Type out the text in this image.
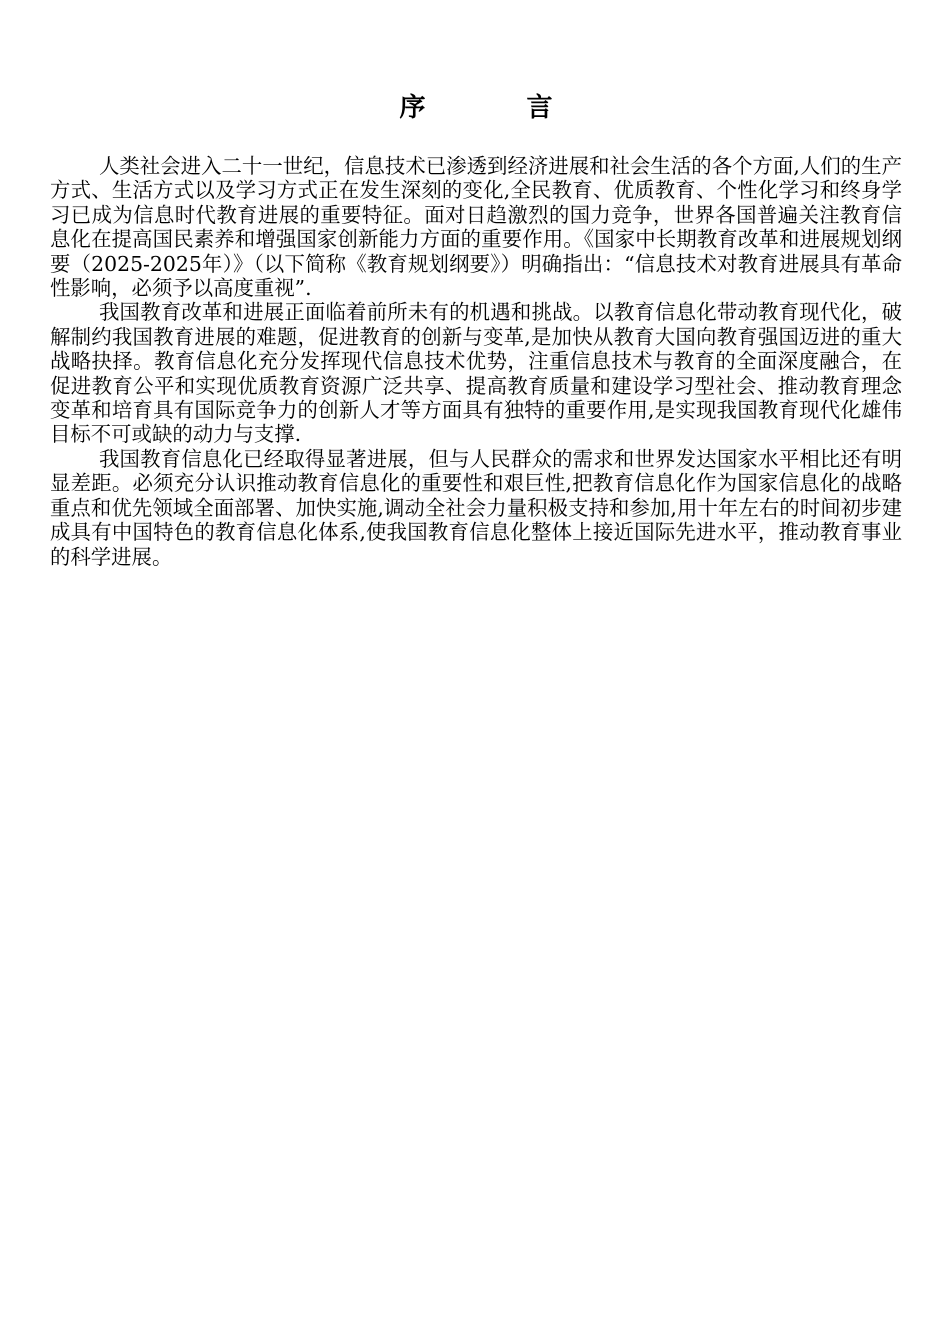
序 言

人类社会进入二十一世纪，信息技术已渗透到经济进展和社会生活的各个方面,人们的生产方式、生活方式以及学习方式正在发生深刻的变化,全民教育、优质教育、个性化学习和终身学习已成为信息时代教育进展的重要特征。面对日趋激烈的国力竞争，世界各国普遍关注教育信息化在提高国民素养和增强国家创新能力方面的重要作用。《国家中长期教育改革和进展规划纲要（2025-2025年）》（以下简称《教育规划纲要》）明确指出：“信息技术对教育进展具有革命性影响，必须予以高度重视”.

我国教育改革和进展正面临着前所未有的机遇和挑战。以教育信息化带动教育现代化，破解制约我国教育进展的难题，促进教育的创新与变革,是加快从教育大国向教育强国迈进的重大战略抉择。教育信息化充分发挥现代信息技术优势，注重信息技术与教育的全面深度融合，在促进教育公平和实现优质教育资源广泛共享、提高教育质量和建设学习型社会、推动教育理念变革和培育具有国际竞争力的创新人才等方面具有独特的重要作用,是实现我国教育现代化雄伟目标不可或缺的动力与支撑.

我国教育信息化已经取得显著进展，但与人民群众的需求和世界发达国家水平相比还有明显差距。必须充分认识推动教育信息化的重要性和艰巨性,把教育信息化作为国家信息化的战略重点和优先领域全面部署、加快实施,调动全社会力量积极支持和参加,用十年左右的时间初步建成具有中国特色的教育信息化体系,使我国教育信息化整体上接近国际先进水平，推动教育事业的科学进展。
